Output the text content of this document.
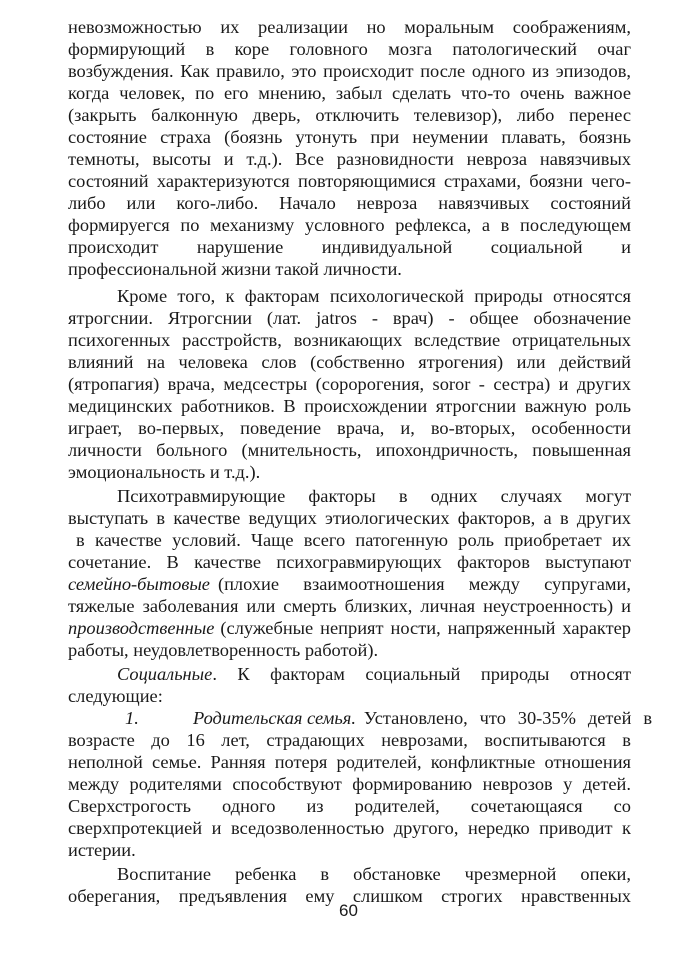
невозможностью их реализации но моральным соображениям,
формирующий в коре головного мозга патологический очаг
возбуждения. Как правило, это происходит после одного из эпизодов,
когда человек, по его мнению, забыл сделать что-то очень важное
(закрыть балконную дверь, отключить телевизор), либо перенес
состояние страха (боязнь утонуть при неумении плавать, боязнь
темноты, высоты и т.д.). Все разновидности невроза навязчивых
состояний характеризуются повторяющимися страхами, боязни чего-
либо или кого-либо. Начало невроза навязчивых состояний
формируегся по механизму условного рефлекса, а в последующем
происходит нарушение индивидуальной социальной и
профессиональной жизни такой личности.
Кроме того, к факторам психологической природы относятся
ятрогснии. Ятрогснии (лат. jatros - врач) - общее обозначение
психогенных расстройств, возникающих вследствие отрицательных
влияний на человека слов (собственно ятрогения) или действий
(ятропагия) врача, медсестры (соророгения, soror - сестра) и других
медицинских работников. В происхождении ятрогснии важную роль
играет, во-первых, поведение врача, и, во-вторых, особенности
личности больного (мнительность, ипохондричность, повышенная
эмоциональность и т.д.).
Психотравмирующие факторы в одних случаях могут
выступать в качестве ведущих этиологических факторов, а в других
в качестве условий. Чаще всего патогенную роль приобретает их
сочетание. В качестве психогравмирующих факторов выступают
семейно-бытовые (плохие взаимоотношения между супругами,
тяжелые заболевания или смерть близких, личная неустроенность) и
производственные (служебные неприят ности, напряженный характер
работы, неудовлетворенность работой).
Социальные . К факторам социальный природы относят
следующие:
1.	Родительская семья. Установлено, что 30-35% детей в
возрасте до 16 лет, страдающих неврозами, воспитываются в
неполной семье. Ранняя потеря родителей, конфликтные отношения
между родителями способствуют формированию неврозов у детей.
Сверхстрогость одного из родителей, сочетающаяся со
сверхпротекцией и вседозволенностью другого, нередко приводит к
истерии.
Воспитание ребенка в обстановке чрезмерной опеки,
оберегания, предъявления ему слишком строгих нравственных
60
